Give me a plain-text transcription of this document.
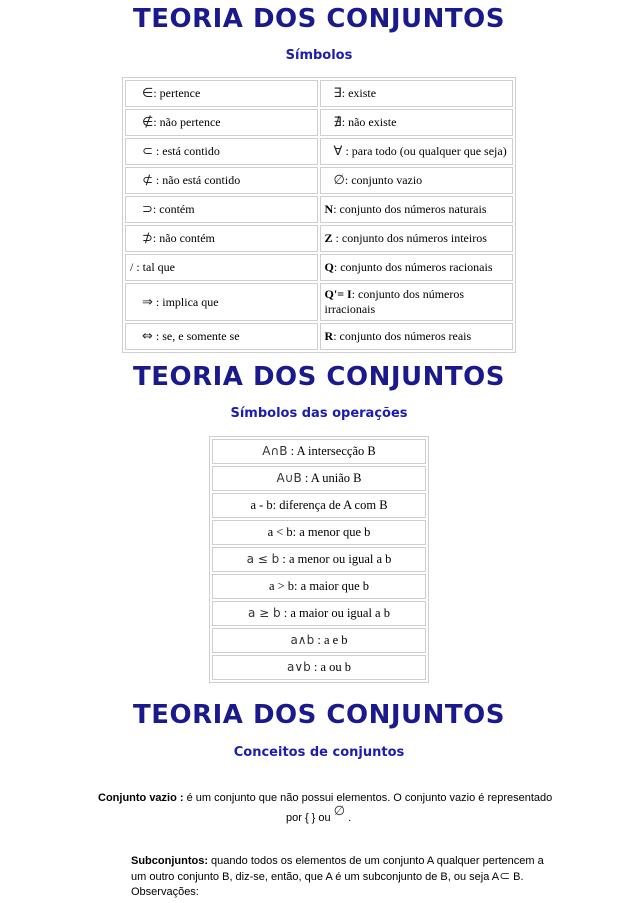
TEORIA DOS CONJUNTOS
Símbolos
∈: pertence	∃: existe
∉: não pertence	∄: não existe
⊂ : está contido	∀ : para todo (ou qualquer que seja)
⊄ : não está contido	∅: conjunto vazio
⊃: contém	N: conjunto dos números naturais
⊅: não contém	Z : conjunto dos números inteiros
/ : tal que	Q: conjunto dos números racionais
⇒ : implica que	Q'= I: conjunto dos números irracionais
⇔ : se, e somente se	R: conjunto dos números reais
TEORIA DOS CONJUNTOS
Símbolos das operações
A∩B : A intersecção B
A∪B : A união B
a - b: diferença de A com B
a < b: a menor que b
a ≤ b : a menor ou igual a b
a > b: a maior que b
a ≥ b : a maior ou igual a b
a∧b : a e b
a∨b : a ou b
TEORIA DOS CONJUNTOS
Conceitos de conjuntos
Conjunto vazio : é um conjunto que não possui elementos. O conjunto vazio é representado
por { } ou ∅ .
Subconjuntos: quando todos os elementos de um conjunto A qualquer pertencem a
um outro conjunto B, diz-se, então, que A é um subconjunto de B, ou seja A⊂ B.
Observações:
